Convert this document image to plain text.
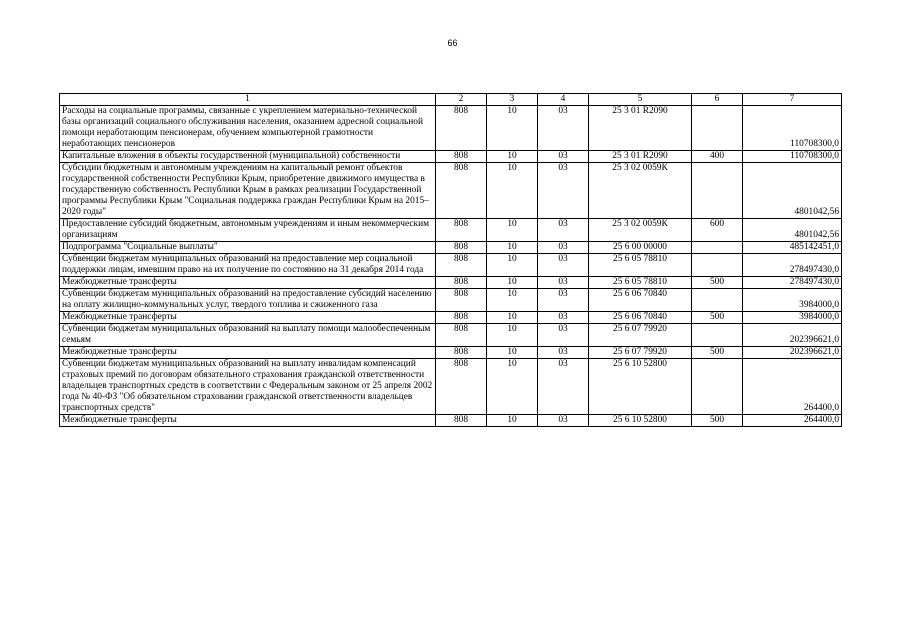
66
1	2	3	4	5	6	7
Расходы на социальные программы, связанные с укреплением материально-технической базы организаций социального обслуживания населения, оказанием адресной социальной помощи неработающим пенсионерам, обучением компьютерной грамотности неработающих пенсионеров	808	10	03	25 3 01 R2090		110708300,0
Капитальные вложения в объекты государственной (муниципальной) собственности	808	10	03	25 3 01 R2090	400	110708300,0
Субсидии бюджетным и автономным учреждениям на капитальный ремонт объектов государственной собственности Республики Крым, приобретение движимого имущества в государственную собственность Республики Крым в рамках реализации Государственной программы Республики Крым "Социальная поддержка граждан Республики Крым на 2015–2020 годы"	808	10	03	25 3 02 0059К		4801042,56
Предоставление субсидий бюджетным, автономным учреждениям и иным некоммерческим организациям	808	10	03	25 3 02 0059К	600	4801042,56
Подпрограмма "Социальные выплаты"	808	10	03	25 6 00 00000		485142451,0
Субвенции бюджетам муниципальных образований на предоставление мер социальной поддержки лицам, имевшим право на их получение по состоянию на 31 декабря 2014 года	808	10	03	25 6 05 78810		278497430,0
Межбюджетные трансферты	808	10	03	25 6 05 78810	500	278497430,0
Субвенции бюджетам муниципальных образований на предоставление субсидий населению на оплату жилищно-коммунальных услуг, твердого топлива и сжиженного газа	808	10	03	25 6 06 70840		3984000,0
Межбюджетные трансферты	808	10	03	25 6 06 70840	500	3984000,0
Субвенции бюджетам муниципальных образований на выплату помощи малообеспеченным семьям	808	10	03	25 6 07 79920		202396621,0
Межбюджетные трансферты	808	10	03	25 6 07 79920	500	202396621,0
Субвенции бюджетам муниципальных образований на выплату инвалидам компенсаций страховых премий по договорам обязательного страхования гражданской ответственности владельцев транспортных средств в соответствии с Федеральным законом от 25 апреля 2002 года № 40-ФЗ "Об обязательном страховании гражданской ответственности владельцев транспортных средств"	808	10	03	25 6 10 52800		264400,0
Межбюджетные трансферты	808	10	03	25 6 10 52800	500	264400,0
